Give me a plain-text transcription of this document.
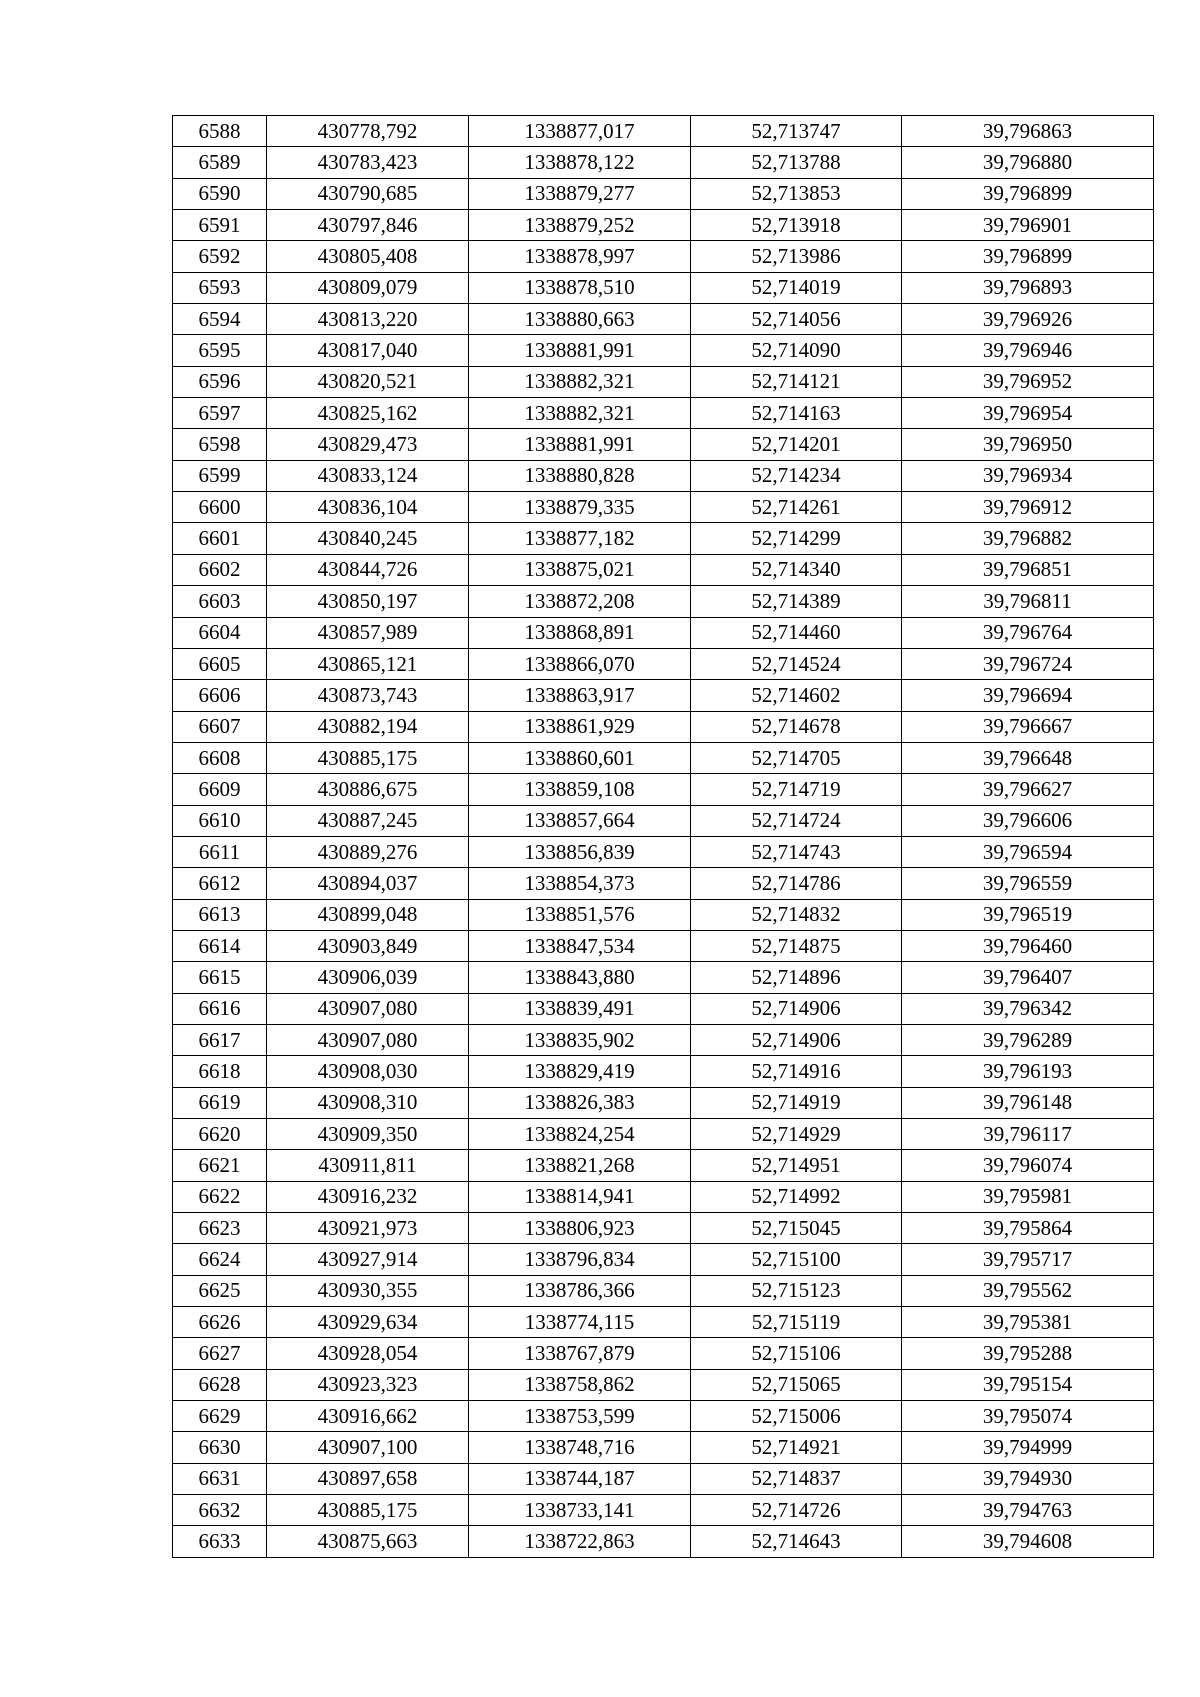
6588	430778,792	1338877,017	52,713747	39,796863
6589	430783,423	1338878,122	52,713788	39,796880
6590	430790,685	1338879,277	52,713853	39,796899
6591	430797,846	1338879,252	52,713918	39,796901
6592	430805,408	1338878,997	52,713986	39,796899
6593	430809,079	1338878,510	52,714019	39,796893
6594	430813,220	1338880,663	52,714056	39,796926
6595	430817,040	1338881,991	52,714090	39,796946
6596	430820,521	1338882,321	52,714121	39,796952
6597	430825,162	1338882,321	52,714163	39,796954
6598	430829,473	1338881,991	52,714201	39,796950
6599	430833,124	1338880,828	52,714234	39,796934
6600	430836,104	1338879,335	52,714261	39,796912
6601	430840,245	1338877,182	52,714299	39,796882
6602	430844,726	1338875,021	52,714340	39,796851
6603	430850,197	1338872,208	52,714389	39,796811
6604	430857,989	1338868,891	52,714460	39,796764
6605	430865,121	1338866,070	52,714524	39,796724
6606	430873,743	1338863,917	52,714602	39,796694
6607	430882,194	1338861,929	52,714678	39,796667
6608	430885,175	1338860,601	52,714705	39,796648
6609	430886,675	1338859,108	52,714719	39,796627
6610	430887,245	1338857,664	52,714724	39,796606
6611	430889,276	1338856,839	52,714743	39,796594
6612	430894,037	1338854,373	52,714786	39,796559
6613	430899,048	1338851,576	52,714832	39,796519
6614	430903,849	1338847,534	52,714875	39,796460
6615	430906,039	1338843,880	52,714896	39,796407
6616	430907,080	1338839,491	52,714906	39,796342
6617	430907,080	1338835,902	52,714906	39,796289
6618	430908,030	1338829,419	52,714916	39,796193
6619	430908,310	1338826,383	52,714919	39,796148
6620	430909,350	1338824,254	52,714929	39,796117
6621	430911,811	1338821,268	52,714951	39,796074
6622	430916,232	1338814,941	52,714992	39,795981
6623	430921,973	1338806,923	52,715045	39,795864
6624	430927,914	1338796,834	52,715100	39,795717
6625	430930,355	1338786,366	52,715123	39,795562
6626	430929,634	1338774,115	52,715119	39,795381
6627	430928,054	1338767,879	52,715106	39,795288
6628	430923,323	1338758,862	52,715065	39,795154
6629	430916,662	1338753,599	52,715006	39,795074
6630	430907,100	1338748,716	52,714921	39,794999
6631	430897,658	1338744,187	52,714837	39,794930
6632	430885,175	1338733,141	52,714726	39,794763
6633	430875,663	1338722,863	52,714643	39,794608
